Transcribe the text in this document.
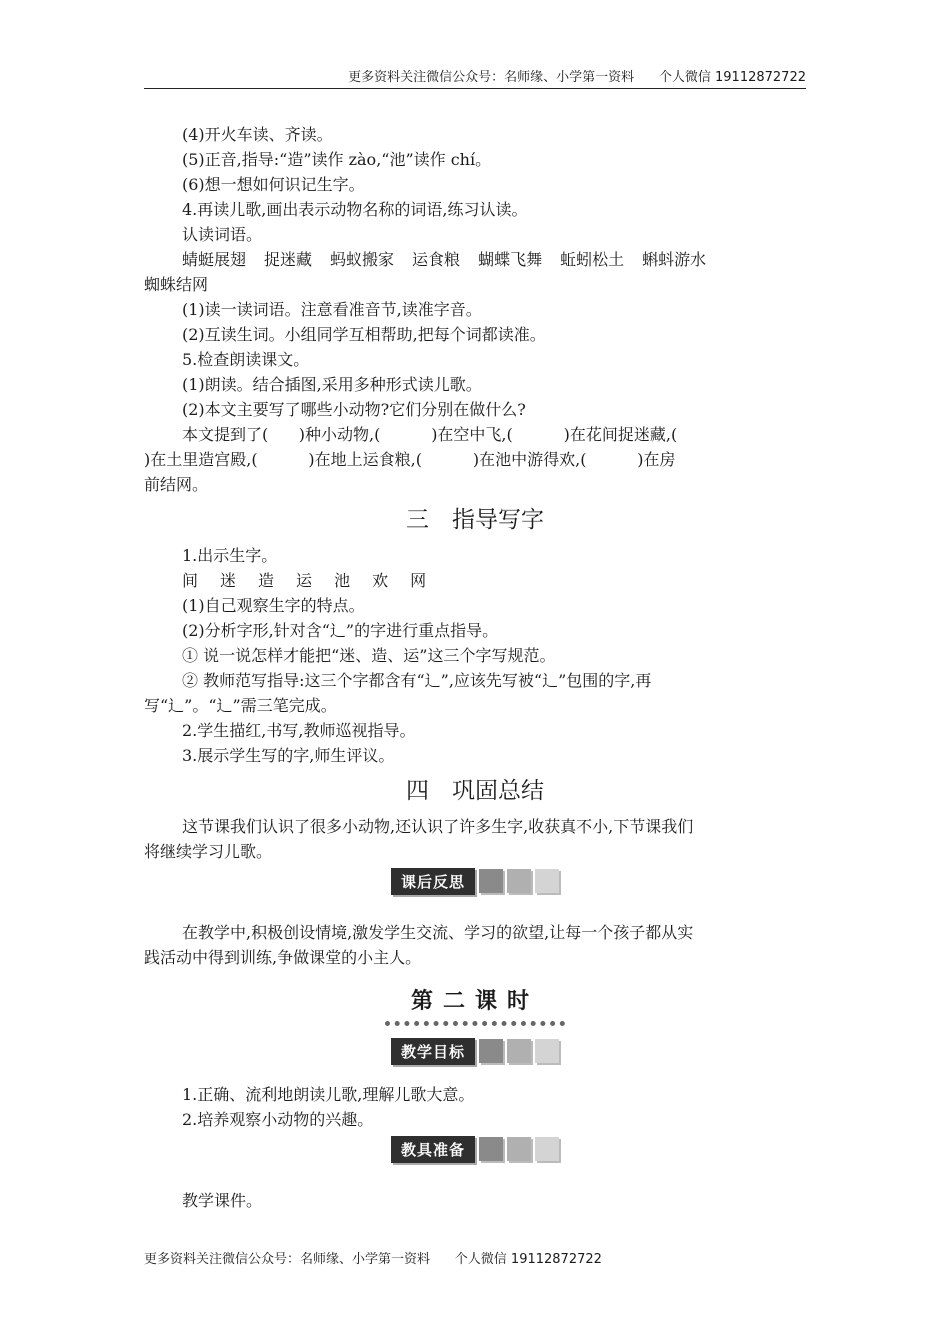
更多资料关注微信公众号：名师缘、小学第一资料      个人微信 19112872722
(4)开火车读、齐读。
(5)正音,指导:“造”读作 zào,“池”读作 chí。
(6)想一想如何识记生字。
4.再读儿歌,画出表示动物名称的词语,练习认读。
认读词语。
蜻蜓展翅 捉迷藏 蚂蚁搬家 运食粮 蝴蝶飞舞 蚯蚓松土 蝌蚪游水
蜘蛛结网
(1)读一读词语。注意看准音节,读准字音。
(2)互读生词。小组同学互相帮助,把每个词都读准。
5.检查朗读课文。
(1)朗读。结合插图,采用多种形式读儿歌。
(2)本文主要写了哪些小动物?它们分别在做什么?
本文提到了(      )种小动物,(          )在空中飞,(          )在花间捉迷藏,(
)在土里造宫殿,(          )在地上运食粮,(          )在池中游得欢,(          )在房
前结网。
三　指导写字
1.出示生字。
间 迷 造 运 池 欢 网
(1)自己观察生字的特点。
(2)分析字形,针对含“辶”的字进行重点指导。
① 说一说怎样才能把“迷、造、运”这三个字写规范。
② 教师范写指导:这三个字都含有“辶”,应该先写被“辶”包围的字,再
写“辶”。“辶”需三笔完成。
2.学生描红,书写,教师巡视指导。
3.展示学生写的字,师生评议。
四　巩固总结
这节课我们认识了很多小动物,还认识了许多生字,收获真不小,下节课我们
将继续学习儿歌。
课后反思
在教学中,积极创设情境,激发学生交流、学习的欲望,让每一个孩子都从实
践活动中得到训练,争做课堂的小主人。
第二课时
教学目标
1.正确、流利地朗读儿歌,理解儿歌大意。
2.培养观察小动物的兴趣。
教具准备
教学课件。
更多资料关注微信公众号：名师缘、小学第一资料      个人微信 19112872722
